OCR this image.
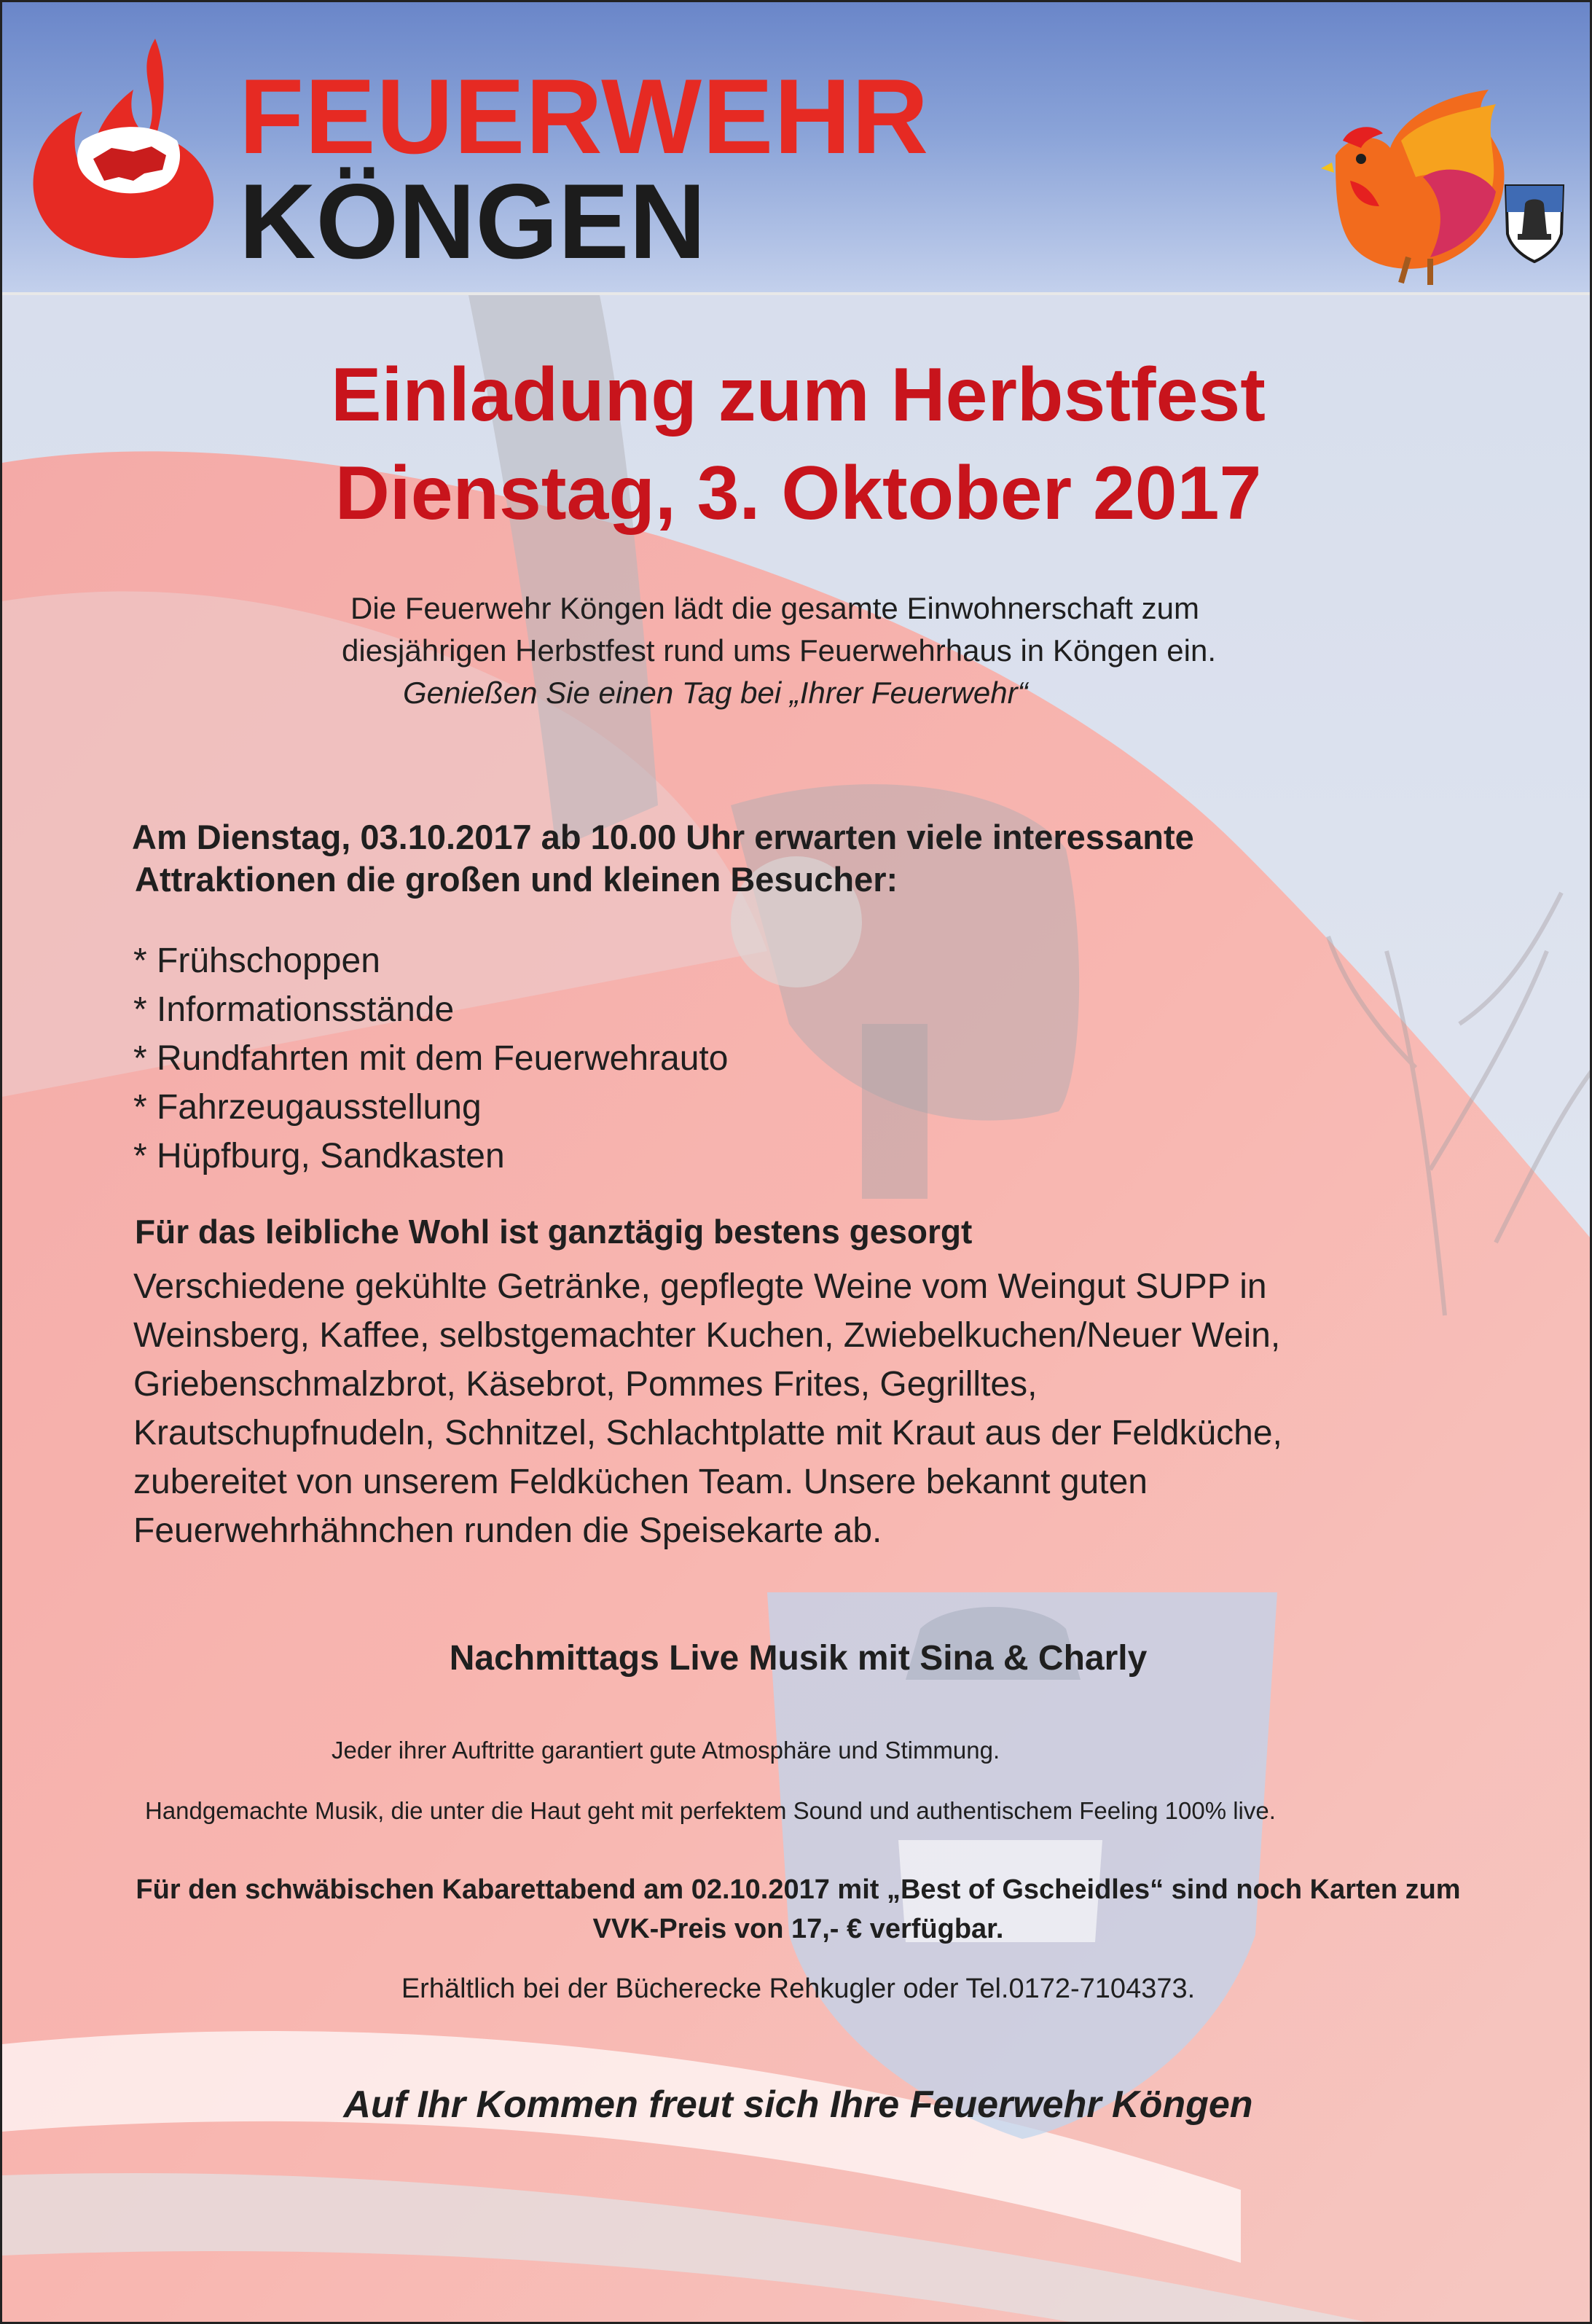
FEUERWEHR
KÖNGEN
Einladung zum Herbstfest
Dienstag, 3. Oktober 2017
Die Feuerwehr Köngen lädt die gesamte Einwohnerschaft zum
diesjährigen Herbstfest rund ums Feuerwehrhaus in Köngen ein.
Genießen Sie einen Tag bei „Ihrer Feuerwehr“
Am Dienstag, 03.10.2017 ab 10.00 Uhr erwarten viele interessante
Attraktionen die großen und kleinen Besucher:
* Frühschoppen
* Informationsstände
* Rundfahrten mit dem Feuerwehrauto
* Fahrzeugausstellung
* Hüpfburg, Sandkasten
Für das leibliche Wohl ist ganztägig bestens gesorgt
Verschiedene gekühlte Getränke, gepflegte Weine vom Weingut SUPP in
Weinsberg, Kaffee, selbstgemachter Kuchen, Zwiebelkuchen/Neuer Wein,
Griebenschmalzbrot, Käsebrot, Pommes Frites, Gegrilltes,
Krautschupfnudeln, Schnitzel, Schlachtplatte mit Kraut aus der Feldküche,
zubereitet von unserem Feldküchen Team. Unsere bekannt guten
Feuerwehrhähnchen runden die Speisekarte ab.
Nachmittags Live Musik mit Sina & Charly
Jeder ihrer Auftritte garantiert gute Atmosphäre und Stimmung.
Handgemachte Musik, die unter die Haut geht mit perfektem Sound und authentischem Feeling 100% live.
Für den schwäbischen Kabarettabend am 02.10.2017 mit „Best of Gscheidles“ sind noch Karten zum
VVK-Preis von 17,- € verfügbar.
Erhältlich bei der Bücherecke Rehkugler oder Tel.0172-7104373.
Auf Ihr Kommen freut sich Ihre Feuerwehr Köngen
